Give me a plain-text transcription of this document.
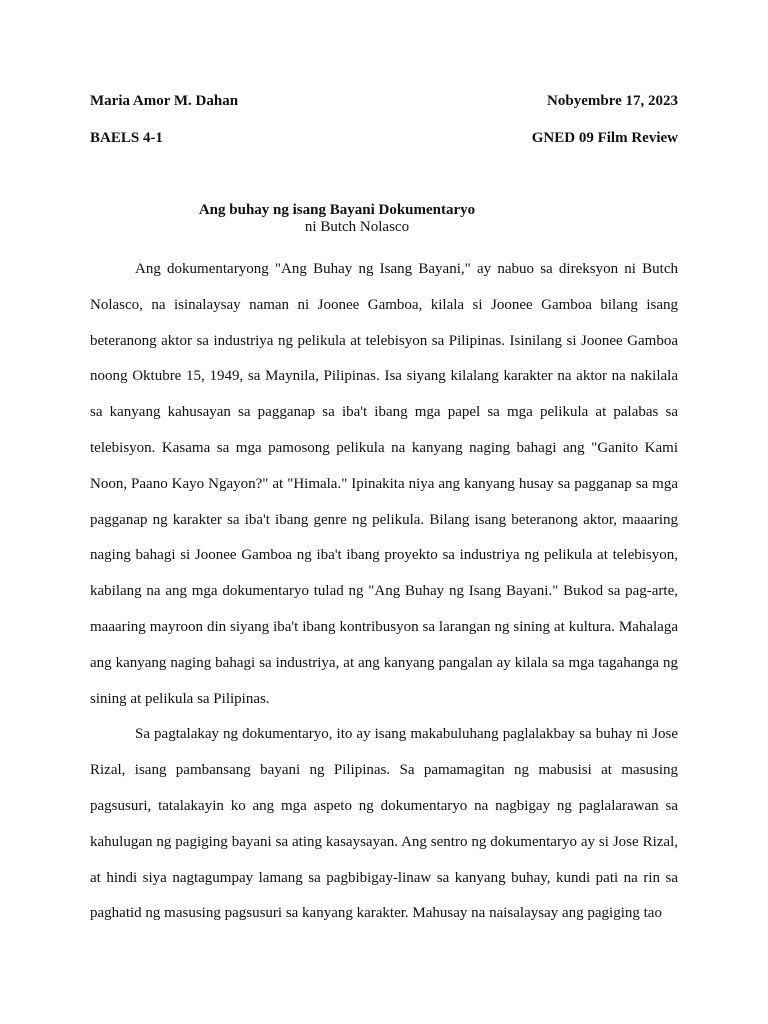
Maria Amor M. Dahan	Nobyembre 17, 2023
BAELS 4-1	GNED 09 Film Review
Ang buhay ng isang Bayani Dokumentaryo
ni Butch Nolasco

Ang dokumentaryong "Ang Buhay ng Isang Bayani," ay nabuo sa direksyon ni Butch Nolasco, na isinalaysay naman ni Joonee Gamboa, kilala si Joonee Gamboa bilang isang beteranong aktor sa industriya ng pelikula at telebisyon sa Pilipinas. Isinilang si Joonee Gamboa noong Oktubre 15, 1949, sa Maynila, Pilipinas. Isa siyang kilalang karakter na aktor na nakilala sa kanyang kahusayan sa pagganap sa iba't ibang mga papel sa mga pelikula at palabas sa telebisyon. Kasama sa mga pamosong pelikula na kanyang naging bahagi ang "Ganito Kami Noon, Paano Kayo Ngayon?" at "Himala." Ipinakita niya ang kanyang husay sa pagganap sa mga pagganap ng karakter sa iba't ibang genre ng pelikula. Bilang isang beteranong aktor, maaaring naging bahagi si Joonee Gamboa ng iba't ibang proyekto sa industriya ng pelikula at telebisyon, kabilang na ang mga dokumentaryo tulad ng "Ang Buhay ng Isang Bayani." Bukod sa pag-arte, maaaring mayroon din siyang iba't ibang kontribusyon sa larangan ng sining at kultura. Mahalaga ang kanyang naging bahagi sa industriya, at ang kanyang pangalan ay kilala sa mga tagahanga ng sining at pelikula sa Pilipinas.

Sa pagtalakay ng dokumentaryo, ito ay isang makabuluhang paglalakbay sa buhay ni Jose Rizal, isang pambansang bayani ng Pilipinas. Sa pamamagitan ng mabusisi at masusing pagsusuri, tatalakayin ko ang mga aspeto ng dokumentaryo na nagbigay ng paglalarawan sa kahulugan ng pagiging bayani sa ating kasaysayan. Ang sentro ng dokumentaryo ay si Jose Rizal, at hindi siya nagtagumpay lamang sa pagbibigay-linaw sa kanyang buhay, kundi pati na rin sa paghatid ng masusing pagsusuri sa kanyang karakter. Mahusay na naisalaysay ang pagiging tao
